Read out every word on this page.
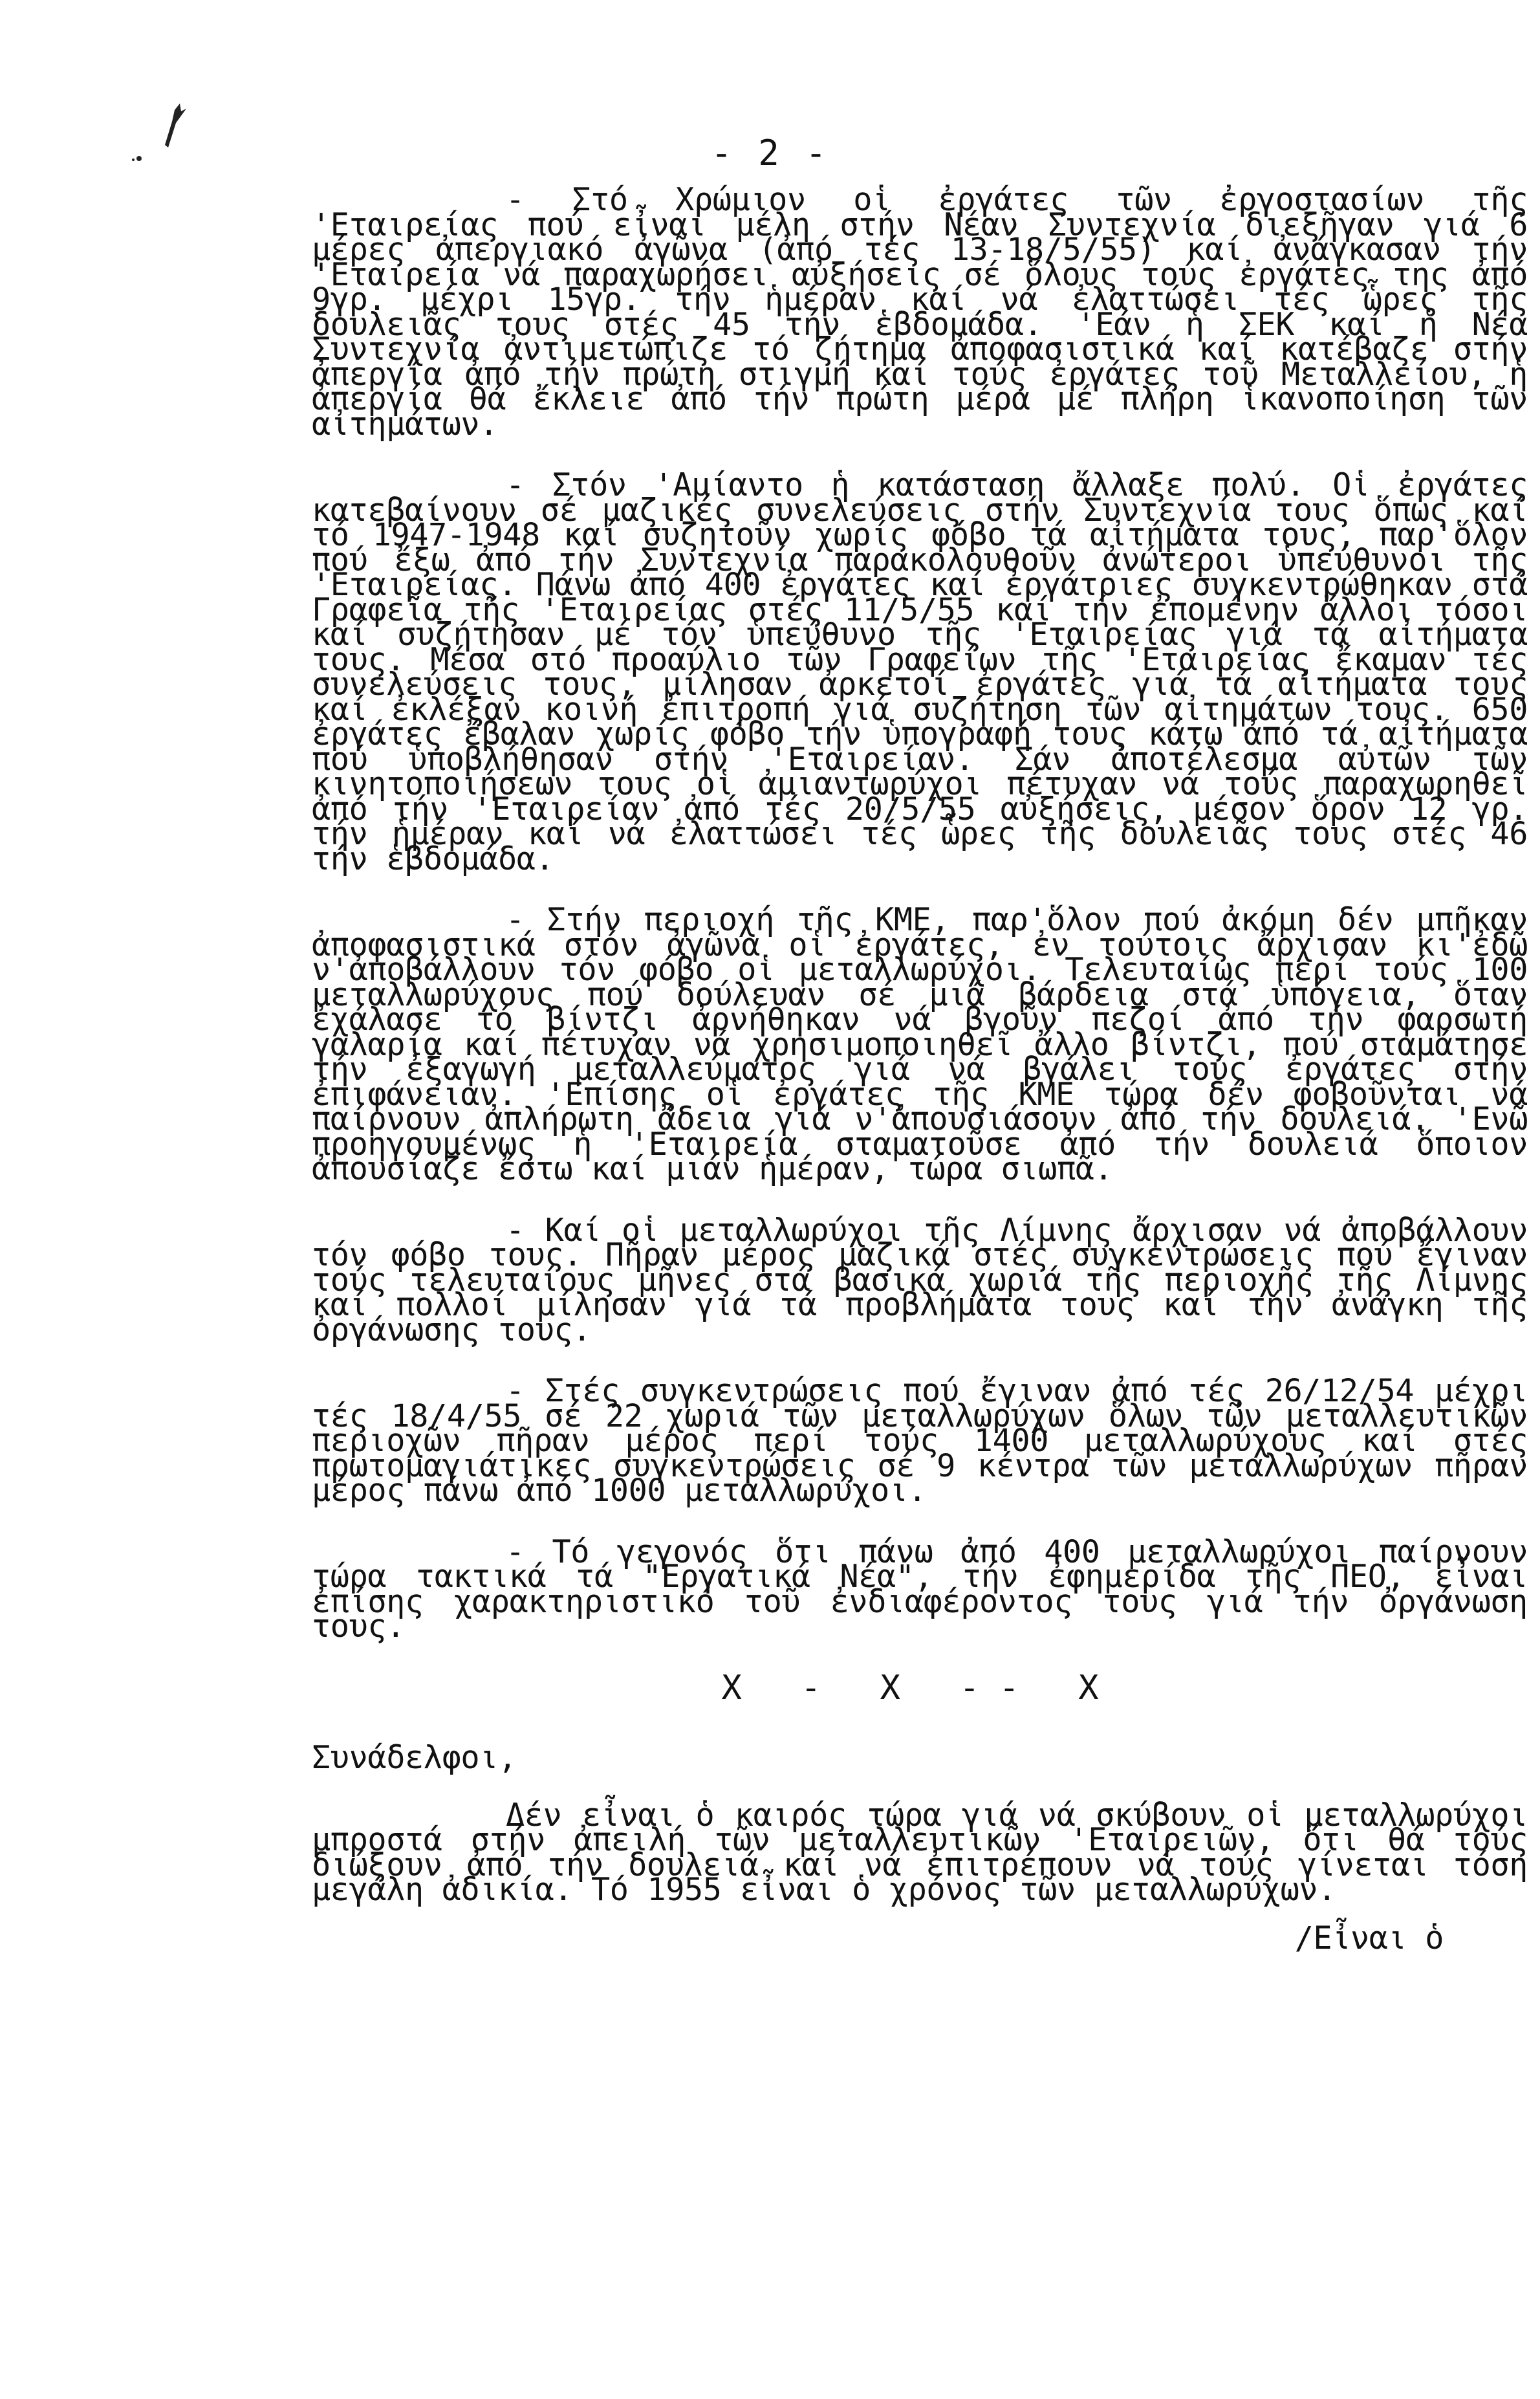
- 2 -

- Στό Χρώμιον οἱ ἐργάτες τῶν ἐργοστασίων τῆς 'Εταιρείας πού εἶναι μέλη στήν Νέαν Συντεχνία διεξῆγαν γιά 6 μέρες ἀπεργιακό ἀγῶνα (ἀπό τές 13-18/5/55) καί ἀνάγκασαν τήν 'Εταιρεία νά παραχωρήσει αὐξήσεις σέ ὅλους τούς ἐργάτες της ἀπό 9γρ. μέχρι 15γρ. τήν ἡμέραν καί νά ἐλαττώσει τές ὧρες τῆς δουλειᾶς τους στές 45 τήν ἑβδομάδα. 'Εάν ἡ ΣΕΚ καί ἡ Νέα Συντεχνία ἀντιμετώπιζε τό ζήτημα ἀποφασιστικά καί κατέβαζε στήν ἀπεργία ἀπό τήν πρώτη στιγμή καί τούς ἐργάτες τοῦ Μεταλλείου, ἡ ἀπεργία θά ἔκλειε ἀπό τήν πρώτη μέρα μέ πλήρη ἱκανοποίηση τῶν αἰτημάτων.

- Στόν 'Αμίαντο ἡ κατάσταση ἄλλαξε πολύ. Οἱ ἐργάτες κατεβαίνουν σέ μαζικές συνελεύσεις στήν Συντεχνία τους ὅπως καί τό 1947-1948 καί συζητοῦν χωρίς φόβο τά αἰτήματα τους, παρ'ὅλον πού ἔξω ἀπό τήν Συντεχνία παρακολουθοῦν ἀνώτεροι ὑπεύθυνοι τῆς 'Εταιρείας. Πάνω ἀπό 400 ἐργάτες καί ἐργάτριες συγκεντρώθηκαν στά Γραφεῖα τῆς 'Εταιρείας στές 11/5/55 καί τήν ἐπομένην ἄλλοι τόσοι καί συζήτησαν μέ τόν ὑπεύθυνο τῆς 'Εταιρείας γιά τά αἰτήματα τους. Μέσα στό προαύλιο τῶν Γραφείων τῆς 'Εταιρείας ἔκαμαν τές συνελεύσεις τους, μίλησαν ἀρκετοί ἐργάτες γιά τά αἰτήματα τους καί ἐκλέξαν κοινή ἐπιτροπή γιά συζήτηση τῶν αἰτημάτων τους. 650 ἐργάτες ἔβαλαν χωρίς φόβο τήν ὑπογραφή τους κάτω ἀπό τά αἰτήματα πού ὑποβλήθησαν στήν 'Εταιρείαν. Σάν ἀποτέλεσμα αὐτῶν τῶν κινητοποιήσεων τους οἱ ἀμιαντωρύχοι πέτυχαν νά τούς παραχωρηθεῖ ἀπό τήν 'Εταιρείαν ἀπό τές 20/5/55 αὐξήσεις, μέσον ὅρον 12 γρ. τήν ἡμέραν καί νά ἐλαττώσει τές ὧρες τῆς δουλειᾶς τους στές 46 τήν ἑβδομάδα.

- Στήν περιοχή τῆς ΚΜΕ, παρ'ὅλον πού ἀκόμη δέν μπῆκαν ἀποφασιστικά στόν ἀγῶνα οἱ ἐργάτες, ἐν τούτοις ἄρχισαν κι'ἐδῶ ν'ἀποβάλλουν τόν φόβο οἱ μεταλλωρύχοι. Τελευταίως περί τούς 100 μεταλλωρύχους πού δούλευαν σέ μιά βάρδεια στά ὑπόγεια, ὅταν ἐχάλασε τό βίντζι ἀρνήθηκαν νά βγοῦν πεζοί ἀπό τήν φαρσωτή γαλαρία καί πέτυχαν νά χρησιμοποιηθεῖ ἄλλο βίντζι, πού σταμάτησε τήν ἐξαγωγή μεταλλεύματος γιά νά βγάλει τούς ἐργάτες στήν ἐπιφάνειαν. 'Επίσης οἱ ἐργάτες τῆς ΚΜΕ τώρα δέν φοβοῦνται νά παίρνουν ἀπλήρωτη ἄδεια γιά ν'ἀπουσιάσουν ἀπό τήν δουλειά. 'Ενῶ προηγουμένως ἡ 'Εταιρεία σταματοῦσε ἀπό τήν δουλειά ὅποιον ἀπουσίαζε ἔστω καί μιάν ἡμέραν, τώρα σιωπᾶ.

- Καί οἱ μεταλλωρύχοι τῆς Λίμνης ἄρχισαν νά ἀποβάλλουν τόν φόβο τους. Πῆραν μέρος μαζικά στές συγκεντρώσεις πού ἔγιναν τούς τελευταίους μῆνες στά βασικά χωριά τῆς περιοχῆς τῆς Λίμνης καί πολλοί μίλησαν γιά τά προβλήματα τους καί τήν ἀνάγκη τῆς ὀργάνωσης τους.

- Στές συγκεντρώσεις πού ἔγιναν ἀπό τές 26/12/54 μέχρι τές 18/4/55 σέ 22 χωριά τῶν μεταλλωρύχων ὅλων τῶν μεταλλευτικῶν περιοχῶν πῆραν μέρος περί τούς 1400 μεταλλωρύχους καί στές πρωτομαγιάτικες συγκεντρώσεις σέ 9 κέντρα τῶν μεταλλωρύχων πῆραν μέρος πάνω ἀπό 1000 μεταλλωρύχοι.

- Τό γεγονός ὅτι πάνω ἀπό 400 μεταλλωρύχοι παίρνουν τώρα τακτικά τά "Εργατικά Νέα", τήν ἐφημερίδα τῆς ΠΕΟ, εἶναι ἐπίσης χαρακτηριστικό τοῦ ἐνδιαφέροντος τους γιά τήν ὀργάνωση τους.

X - X -- X

Συνάδελφοι,

Δέν εἶναι ὁ καιρός τώρα γιά νά σκύβουν οἱ μεταλλωρύχοι μπροστά στήν ἀπειλή τῶν μεταλλευτικῶν 'Εταιρειῶν, ὅτι θά τούς διώξουν ἀπό τήν δουλειά καί νά ἐπιτρέπουν νά τούς γίνεται τόση μεγάλη ἀδικία. Τό 1955 εἶναι ὁ χρόνος τῶν μεταλλωρύχων.

/Εἶναι ὁ
